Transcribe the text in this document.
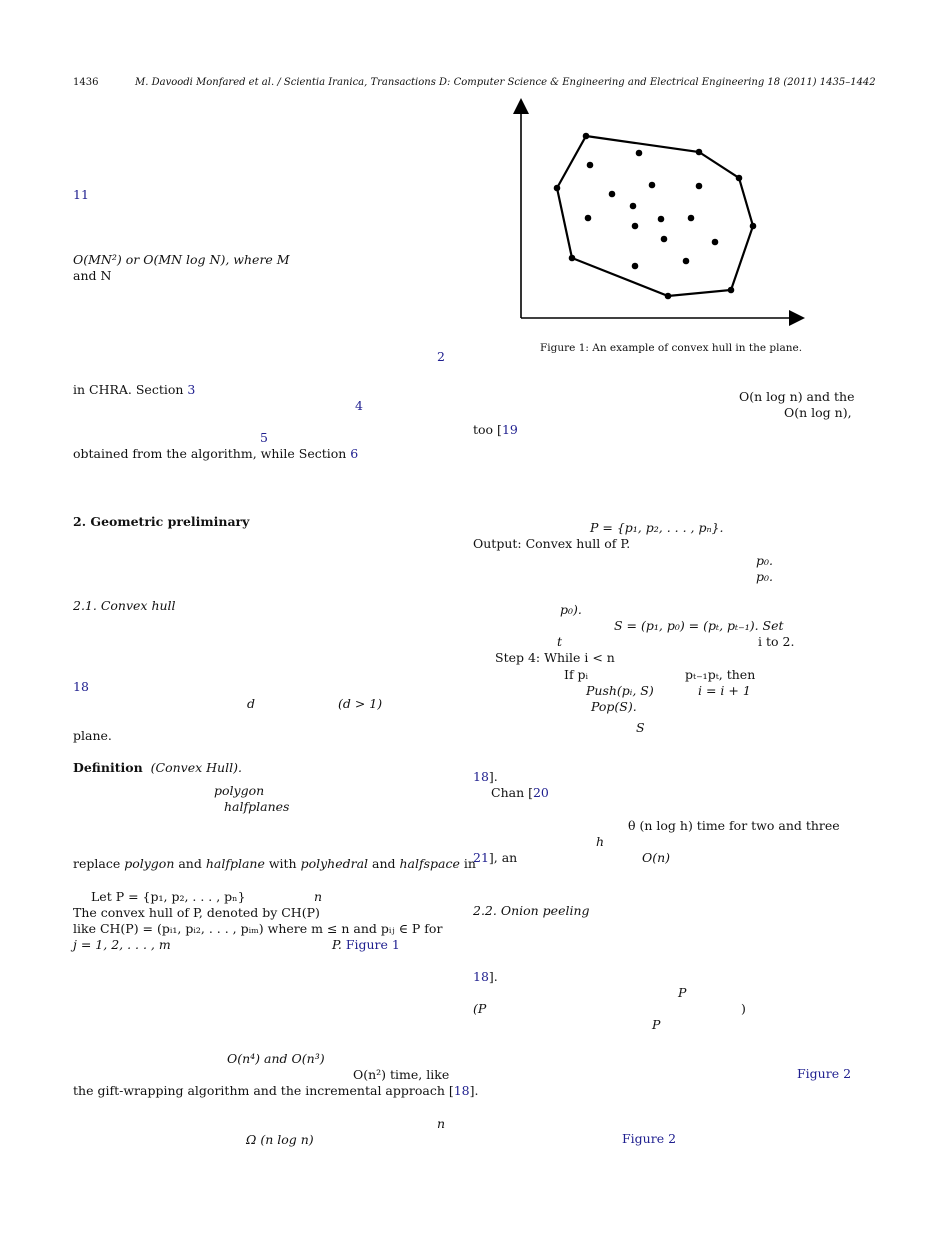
1436	M. Davoodi Monfared et al. / Scientia Iranica, Transactions D: Computer Science & Engineering and Electrical Engineering 18 (2011) 1435–1442
11
O(MN²) or O(MN log N), where M
and N
2
in CHRA. Section 3
4
5
obtained from the algorithm, while Section 6
2. Geometric preliminary
2.1. Convex hull
18
d	(d > 1)
plane.
Definition (Convex Hull).
polygon
halfplanes
replace polygon and halfplane with polyhedral and halfspace in
Let P = {p₁, p₂, . . . , pₙ}	n
The convex hull of P, denoted by CH(P)
like CH(P) = (pᵢ₁, pᵢ₂, . . . , pᵢₘ) where m ≤ n and pᵢⱼ ∈ P for
j = 1, 2, . . . , m	P. Figure 1
O(n⁴) and O(n³)
O(n²) time, like
the gift-wrapping algorithm and the incremental approach [18].
n
Ω (n log n)
Figure 1: An example of convex hull in the plane.
O(n log n) and the
O(n log n),
too [19
P = {p₁, p₂, . . . , pₙ}.
Output: Convex hull of P.
p₀.
p₀.
p₀).
S = (p₁, p₀) = (pₜ, pₜ₋₁). Set
t	i to 2.
Step 4: While i < n
If pᵢ	pₜ₋₁pₜ, then
Push(pᵢ, S)	i = i + 1
Pop(S).
S
18].
Chan [20
θ (n log h) time for two and three
h
21], an	O(n)
2.2. Onion peeling
18].
P
(P	)
P
Figure 2
Figure 2
